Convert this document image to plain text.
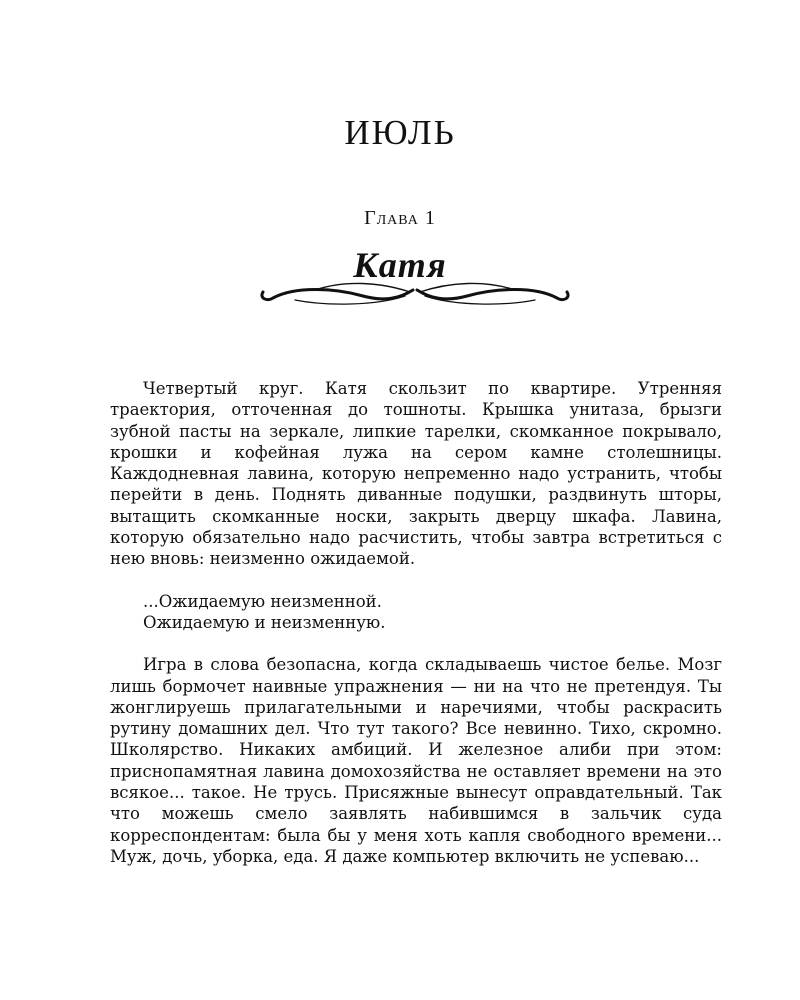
ИЮЛЬ
Глава 1
Катя

Четвертый круг. Катя скользит по квартире. Утренняя траектория, отточенная до тошноты. Крышка унитаза, брызги зубной пасты на зеркале, липкие тарелки, скомканное покрывало, крошки и кофейная лужа на сером камне столешницы. Каждодневная лавина, которую непременно надо устранить, чтобы перейти в день. Поднять диванные подушки, раздвинуть шторы, вытащить скомканные носки, закрыть дверцу шкафа. Лавина, которую обязательно надо расчистить, чтобы завтра встретиться с нею вновь: неизменно ожидаемой.

...Ожидаемую неизменной.

Ожидаемую и неизменную.

Игра в слова безопасна, когда складываешь чистое белье. Мозг лишь бормочет наивные упражнения — ни на что не претендуя. Ты жонглируешь прилагательными и наречиями, чтобы раскрасить рутину домашних дел. Что тут такого? Все невинно. Тихо, скромно. Школярство. Никаких амбиций. И железное алиби при этом: приснопамятная лавина домохозяйства не оставляет времени на это всякое... такое. Не трусь. Присяжные вынесут оправдательный. Так что можешь смело заявлять набившимся в зальчик суда корреспондентам: была бы у меня хоть капля свободного времени... Муж, дочь, уборка, еда. Я даже компьютер включить не успеваю...
